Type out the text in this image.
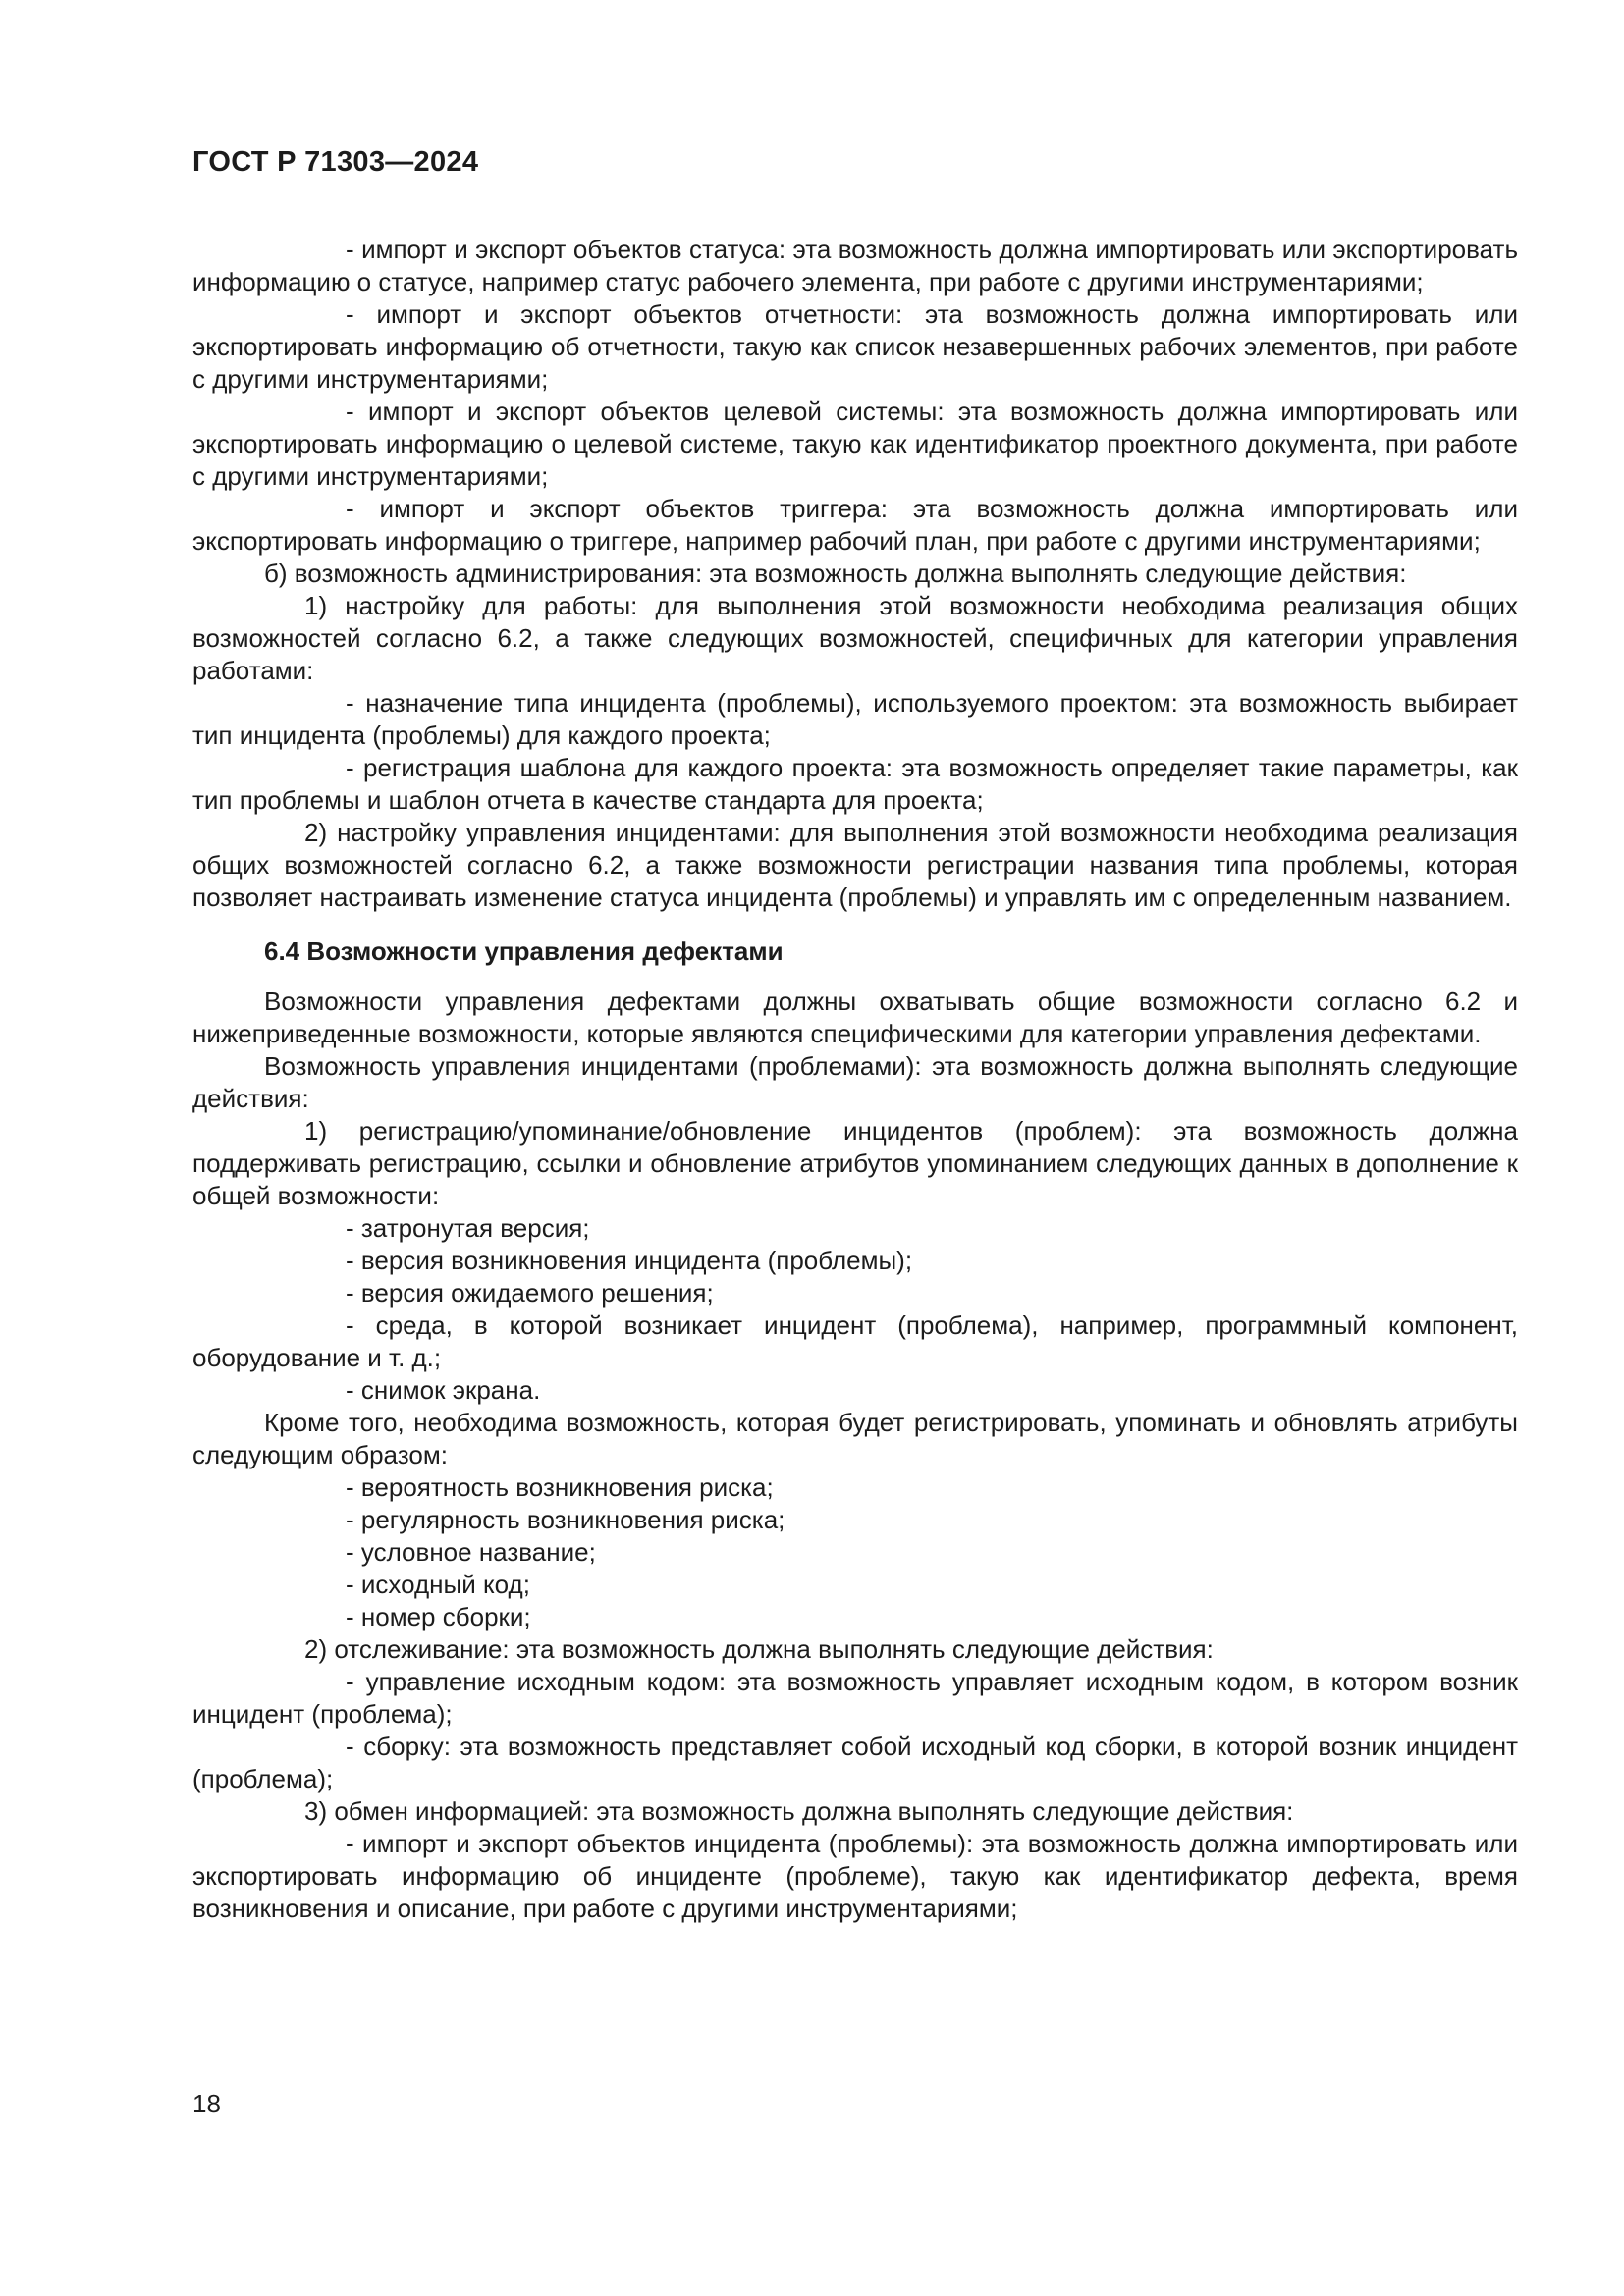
ГОСТ Р 71303—2024

- импорт и экспорт объектов статуса: эта возможность должна импортировать или экспортировать информацию о статусе, например статус рабочего элемента, при работе с другими инструментариями;

- импорт и экспорт объектов отчетности: эта возможность должна импортировать или экспортировать информацию об отчетности, такую как список незавершенных рабочих элементов, при работе с другими инструментариями;

- импорт и экспорт объектов целевой системы: эта возможность должна импортировать или экспортировать информацию о целевой системе, такую как идентификатор проектного документа, при работе с другими инструментариями;

- импорт и экспорт объектов триггера: эта возможность должна импортировать или экспортировать информацию о триггере, например рабочий план, при работе с другими инструментариями;

б) возможность администрирования: эта возможность должна выполнять следующие действия:

1) настройку для работы: для выполнения этой возможности необходима реализация общих возможностей согласно 6.2, а также следующих возможностей, специфичных для категории управления работами:

- назначение типа инцидента (проблемы), используемого проектом: эта возможность выбирает тип инцидента (проблемы) для каждого проекта;

- регистрация шаблона для каждого проекта: эта возможность определяет такие параметры, как тип проблемы и шаблон отчета в качестве стандарта для проекта;

2) настройку управления инцидентами: для выполнения этой возможности необходима реализация общих возможностей согласно 6.2, а также возможности регистрации названия типа проблемы, которая позволяет настраивать изменение статуса инцидента (проблемы) и управлять им с определенным названием.

6.4 Возможности управления дефектами

Возможности управления дефектами должны охватывать общие возможности согласно 6.2 и нижеприведенные возможности, которые являются специфическими для категории управления дефектами.

Возможность управления инцидентами (проблемами): эта возможность должна выполнять следующие действия:

1) регистрацию/упоминание/обновление инцидентов (проблем): эта возможность должна поддерживать регистрацию, ссылки и обновление атрибутов упоминанием следующих данных в дополнение к общей возможности:

- затронутая версия;

- версия возникновения инцидента (проблемы);

- версия ожидаемого решения;

- среда, в которой возникает инцидент (проблема), например, программный компонент, оборудование и т. д.;

- снимок экрана.

Кроме того, необходима возможность, которая будет регистрировать, упоминать и обновлять атрибуты следующим образом:

- вероятность возникновения риска;

- регулярность возникновения риска;

- условное название;

- исходный код;

- номер сборки;

2) отслеживание: эта возможность должна выполнять следующие действия:

- управление исходным кодом: эта возможность управляет исходным кодом, в котором возник инцидент (проблема);

- сборку: эта возможность представляет собой исходный код сборки, в которой возник инцидент (проблема);

3) обмен информацией: эта возможность должна выполнять следующие действия:

- импорт и экспорт объектов инцидента (проблемы): эта возможность должна импортировать или экспортировать информацию об инциденте (проблеме), такую как идентификатор дефекта, время возникновения и описание, при работе с другими инструментариями;

18
